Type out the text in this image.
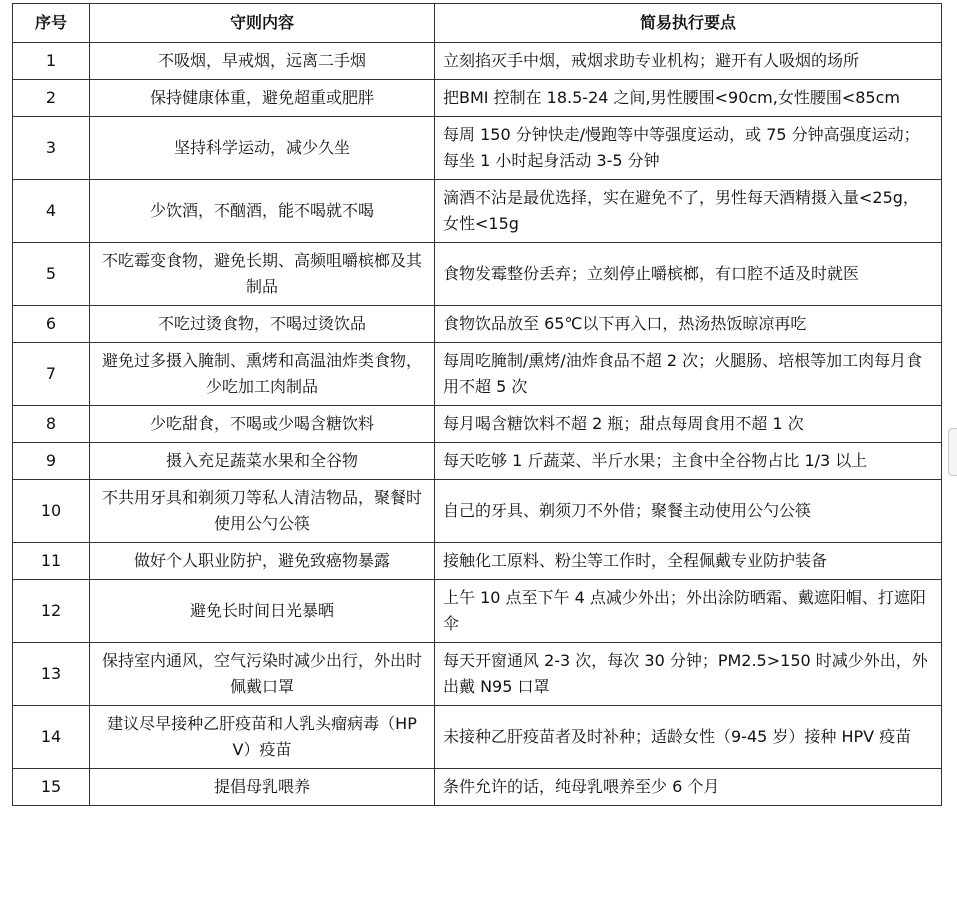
序号	守则内容	简易执行要点
1	不吸烟，早戒烟，远离二手烟	立刻掐灭手中烟，戒烟求助专业机构；避开有人吸烟的场所
2	保持健康体重，避免超重或肥胖	把BMI 控制在 18.5-24 之间,男性腰围<90cm,女性腰围<85cm
3	坚持科学运动，减少久坐	每周 150 分钟快走/慢跑等中等强度运动，或 75 分钟高强度运动；每坐 1 小时起身活动 3-5 分钟
4	少饮酒，不酗酒，能不喝就不喝	滴酒不沾是最优选择，实在避免不了，男性每天酒精摄入量<25g，女性<15g
5	不吃霉变食物，避免长期、高频咀嚼槟榔及其制品	食物发霉整份丢弃；立刻停止嚼槟榔，有口腔不适及时就医
6	不吃过烫食物，不喝过烫饮品	食物饮品放至 65℃以下再入口，热汤热饭晾凉再吃
7	避免过多摄入腌制、熏烤和高温油炸类食物，少吃加工肉制品	每周吃腌制/熏烤/油炸食品不超 2 次；火腿肠、培根等加工肉每月食用不超 5 次
8	少吃甜食，不喝或少喝含糖饮料	每月喝含糖饮料不超 2 瓶；甜点每周食用不超 1 次
9	摄入充足蔬菜水果和全谷物	每天吃够 1 斤蔬菜、半斤水果；主食中全谷物占比 1/3 以上
10	不共用牙具和剃须刀等私人清洁物品，聚餐时使用公勺公筷	自己的牙具、剃须刀不外借；聚餐主动使用公勺公筷
11	做好个人职业防护，避免致癌物暴露	接触化工原料、粉尘等工作时，全程佩戴专业防护装备
12	避免长时间日光暴晒	上午 10 点至下午 4 点减少外出；外出涂防晒霜、戴遮阳帽、打遮阳伞
13	保持室内通风，空气污染时减少出行，外出时佩戴口罩	每天开窗通风 2-3 次，每次 30 分钟；PM2.5>150 时减少外出，外出戴 N95 口罩
14	建议尽早接种乙肝疫苗和人乳头瘤病毒（HPV）疫苗	未接种乙肝疫苗者及时补种；适龄女性（9-45 岁）接种 HPV 疫苗
15	提倡母乳喂养	条件允许的话，纯母乳喂养至少 6 个月
